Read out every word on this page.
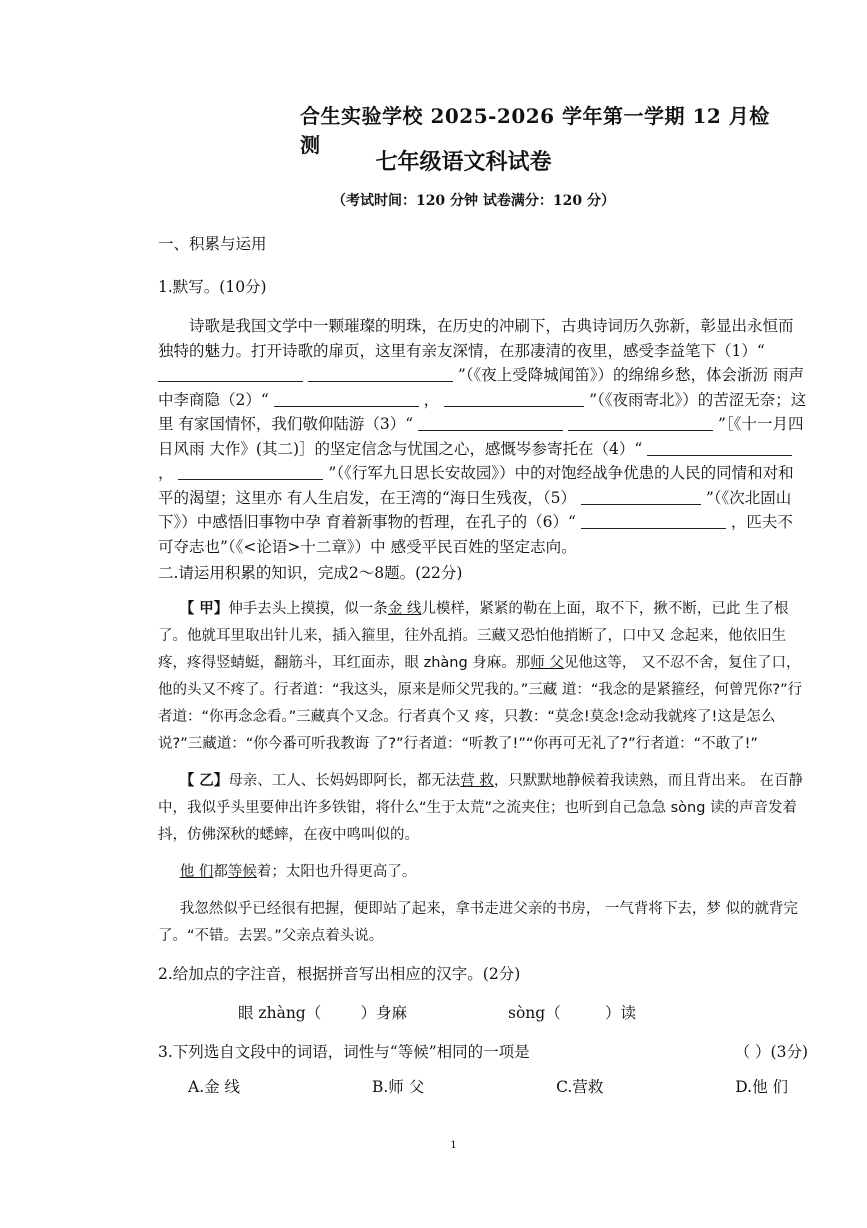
合生实验学校 2025-2026 学年第一学期 12 月检测
七年级语文科试卷
（考试时间：120 分钟 试卷满分：120 分）

一、积累与运用

1.默写。(10分)

诗歌是我国文学中一颗璀璨的明珠，在历史的冲刷下，古典诗词历久弥新，彰显出永恒而独特的魅力。打开诗歌的扉页，这里有亲友深情，在那凄清的夜里，感受李益笔下（1）“   ”（《夜上受降城闻笛》）的绵绵乡愁，体会浙沥 雨声中李商隐（2）“	，	”（《夜雨寄北》）的苦涩无奈；这里 有家国情怀，我们敬仰陆游（3）“	”［《十一月四日风雨 大作》(其二)］的坚定信念与忧国之心，感慨岑参寄托在（4）“  ，	”（《行军九日思长安故园》）中的对饱经战争优患的人民的同情和对和平的渴望；这里亦 有人生启发，在王湾的“海日生残夜，（5）	”（《次北固山下》）中感悟旧事物中孕 育着新事物的哲理，在孔子的（6）“	，匹夫不可夺志也”（《<论语>十二章》）中 感受平民百姓的坚定志向。

二.请运用积累的知识，完成2～8题。(22分)

【 甲】伸手去头上摸摸，似一条金 线儿模样，紧紧的勒在上面，取不下，揪不断，已此 生了根了。他就耳里取出针儿来，插入箍里，往外乱捎。三藏又恐怕他捎断了，口中又 念起来，他依旧生疼，疼得竖蜻蜓，翻筋斗，耳红面赤，眼 zhàng 身麻。那师 父见他这等， 又不忍不舍，复住了口，他的头又不疼了。行者道：“我这头，原来是师父咒我的。”三藏 道：“我念的是紧箍经，何曾咒你?”行者道：“你再念念看。”三藏真个又念。行者真个又 疼，只教：“莫念!莫念!念动我就疼了!这是怎么说?”三藏道：“你今番可听我教诲 了?”行者道：“听教了!”“你再可无礼了?”行者道：“不敢了!”

【 乙】母亲、工人、长妈妈即阿长，都无法营 救，只默默地静候着我读熟，而且背出来。 在百静中，我似乎头里要伸出许多铁钳，将什么“生于太荒”之流夹住；也听到自己急急 sòng 读的声音发着抖，仿佛深秋的蟋蟀，在夜中鸣叫似的。

他 们都等候着；太阳也升得更高了。

我忽然似乎已经很有把握，便即站了起来，拿书走进父亲的书房， 一气背将下去，梦 似的就背完了。“不错。去罢。”父亲点着头说。

2.给加点的字注音，根据拼音写出相应的汉字。(2分)

眼 zhàng（        ）身麻	sòng（         ）读
3.下列选自文段中的词语，词性与“等候”相同的一项是	（ ）(3分)
A.金 线	B.师 父	C.营救	D.他 们
1
